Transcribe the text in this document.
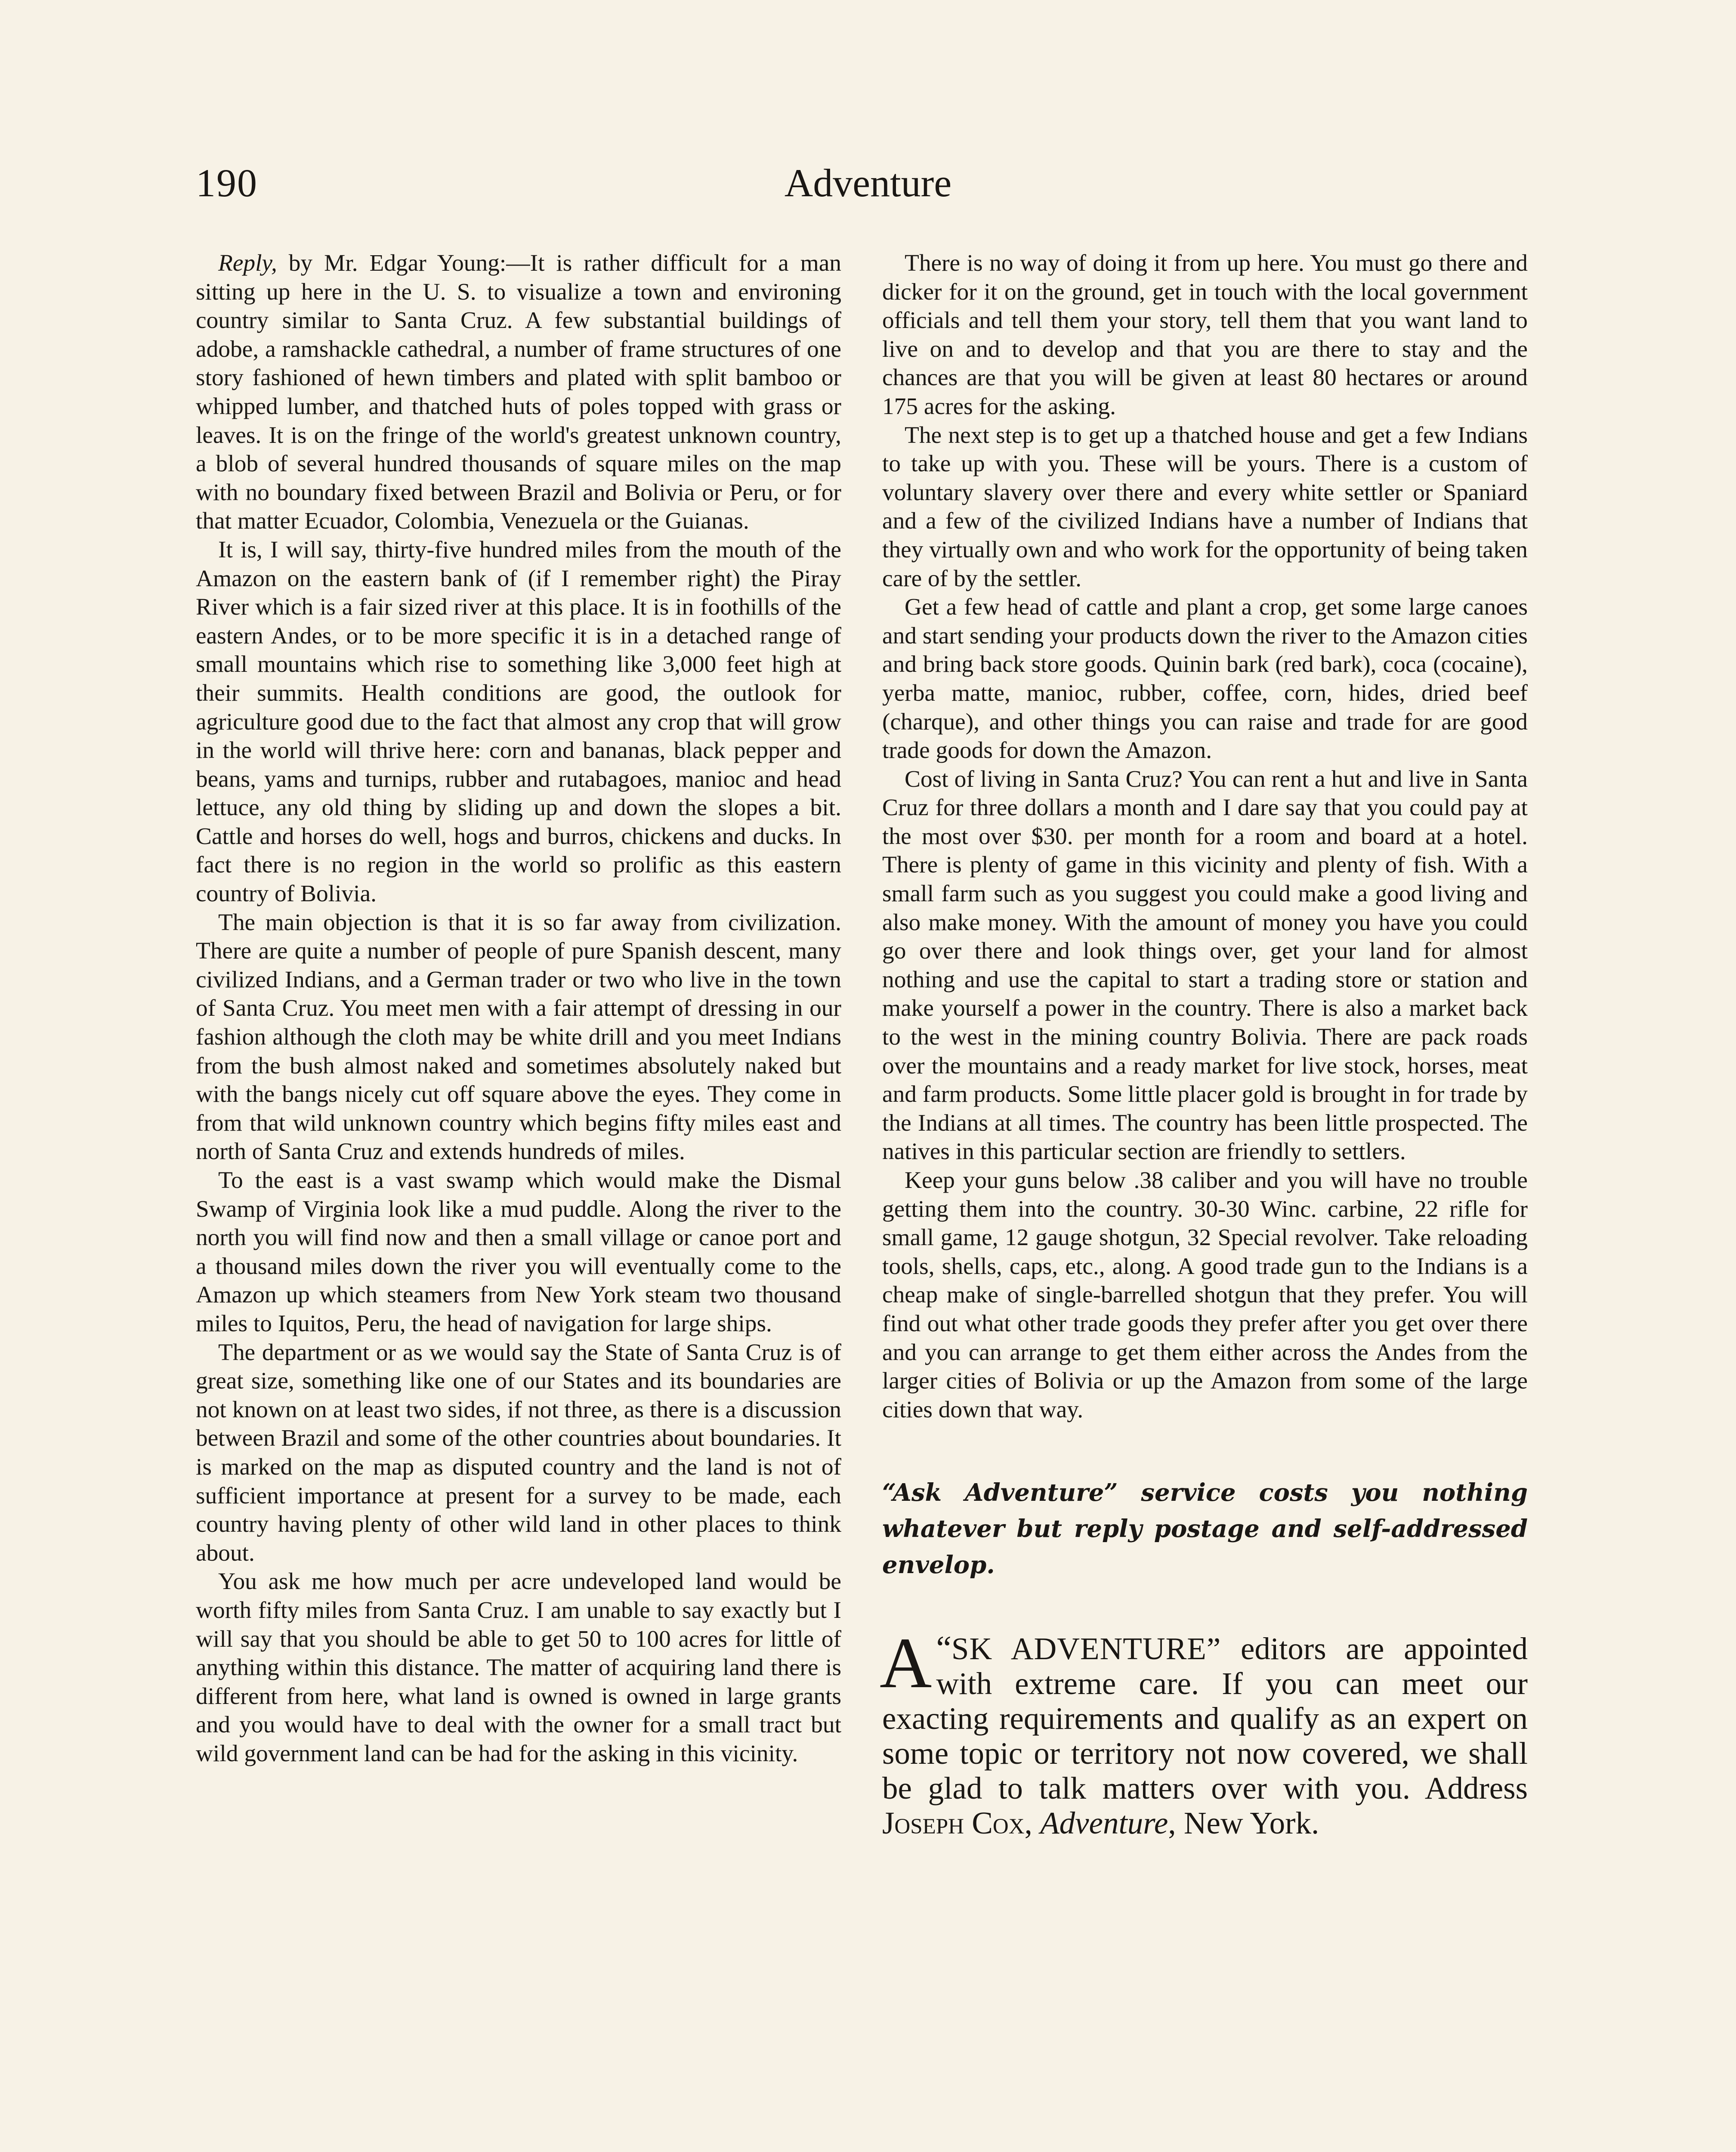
190	Adventure

Reply, by Mr. Edgar Young:—It is rather difficult for a man sitting up here in the U. S. to visualize a town and environing country similar to Santa Cruz. A few substantial buildings of adobe, a ramshackle cathedral, a number of frame structures of one story fashioned of hewn timbers and plated with split bamboo or whipped lumber, and thatched huts of poles topped with grass or leaves. It is on the fringe of the world's greatest unknown country, a blob of several hundred thousands of square miles on the map with no boundary fixed between Brazil and Bolivia or Peru, or for that matter Ecuador, Colombia, Venezuela or the Guianas.

It is, I will say, thirty-five hundred miles from the mouth of the Amazon on the eastern bank of (if I remember right) the Piray River which is a fair sized river at this place. It is in foothills of the eastern Andes, or to be more specific it is in a detached range of small mountains which rise to something like 3,000 feet high at their summits. Health conditions are good, the outlook for agriculture good due to the fact that almost any crop that will grow in the world will thrive here: corn and bananas, black pepper and beans, yams and turnips, rubber and rutabagoes, manioc and head lettuce, any old thing by sliding up and down the slopes a bit. Cattle and horses do well, hogs and burros, chickens and ducks. In fact there is no region in the world so prolific as this eastern country of Bolivia.

The main objection is that it is so far away from civilization. There are quite a number of people of pure Spanish descent, many civilized Indians, and a German trader or two who live in the town of Santa Cruz. You meet men with a fair attempt of dressing in our fashion although the cloth may be white drill and you meet Indians from the bush almost naked and sometimes absolutely naked but with the bangs nicely cut off square above the eyes. They come in from that wild unknown country which begins fifty miles east and north of Santa Cruz and extends hundreds of miles.

To the east is a vast swamp which would make the Dismal Swamp of Virginia look like a mud puddle. Along the river to the north you will find now and then a small village or canoe port and a thousand miles down the river you will eventually come to the Amazon up which steamers from New York steam two thousand miles to Iquitos, Peru, the head of navigation for large ships.

The department or as we would say the State of Santa Cruz is of great size, something like one of our States and its boundaries are not known on at least two sides, if not three, as there is a discussion between Brazil and some of the other countries about boundaries. It is marked on the map as disputed country and the land is not of sufficient importance at present for a survey to be made, each country having plenty of other wild land in other places to think about.

You ask me how much per acre undeveloped land would be worth fifty miles from Santa Cruz. I am unable to say exactly but I will say that you should be able to get 50 to 100 acres for little of anything within this distance. The matter of acquiring land there is different from here, what land is owned is owned in large grants and you would have to deal with the owner for a small tract but wild government land can be had for the asking in this vicinity.

There is no way of doing it from up here. You must go there and dicker for it on the ground, get in touch with the local government officials and tell them your story, tell them that you want land to live on and to develop and that you are there to stay and the chances are that you will be given at least 80 hectares or around 175 acres for the asking.

The next step is to get up a thatched house and get a few Indians to take up with you. These will be yours. There is a custom of voluntary slavery over there and every white settler or Spaniard and a few of the civilized Indians have a number of Indians that they virtually own and who work for the opportunity of being taken care of by the settler.

Get a few head of cattle and plant a crop, get some large canoes and start sending your products down the river to the Amazon cities and bring back store goods. Quinin bark (red bark), coca (cocaine), yerba matte, manioc, rubber, coffee, corn, hides, dried beef (charque), and other things you can raise and trade for are good trade goods for down the Amazon.

Cost of living in Santa Cruz? You can rent a hut and live in Santa Cruz for three dollars a month and I dare say that you could pay at the most over $30. per month for a room and board at a hotel. There is plenty of game in this vicinity and plenty of fish. With a small farm such as you suggest you could make a good living and also make money. With the amount of money you have you could go over there and look things over, get your land for almost nothing and use the capital to start a trading store or station and make yourself a power in the country. There is also a market back to the west in the mining country Bolivia. There are pack roads over the mountains and a ready market for live stock, horses, meat and farm products. Some little placer gold is brought in for trade by the Indians at all times. The country has been little prospected. The natives in this particular section are friendly to settlers.

Keep your guns below .38 caliber and you will have no trouble getting them into the country. 30-30 Winc. carbine, 22 rifle for small game, 12 gauge shotgun, 32 Special revolver. Take reloading tools, shells, caps, etc., along. A good trade gun to the Indians is a cheap make of single-barrelled shotgun that they prefer. You will find out what other trade goods they prefer after you get over there and you can arrange to get them either across the Andes from the larger cities of Bolivia or up the Amazon from some of the large cities down that way.

“Ask Adventure” service costs you nothing whatever but reply postage and self-addressed envelop.
“
A SK ADVENTURE” editors are appointed with extreme care. If you can meet our exacting requirements and qualify as an expert on some topic or territory not now covered, we shall be glad to talk matters over with you. Address Joseph Cox, Adventure, New York.
